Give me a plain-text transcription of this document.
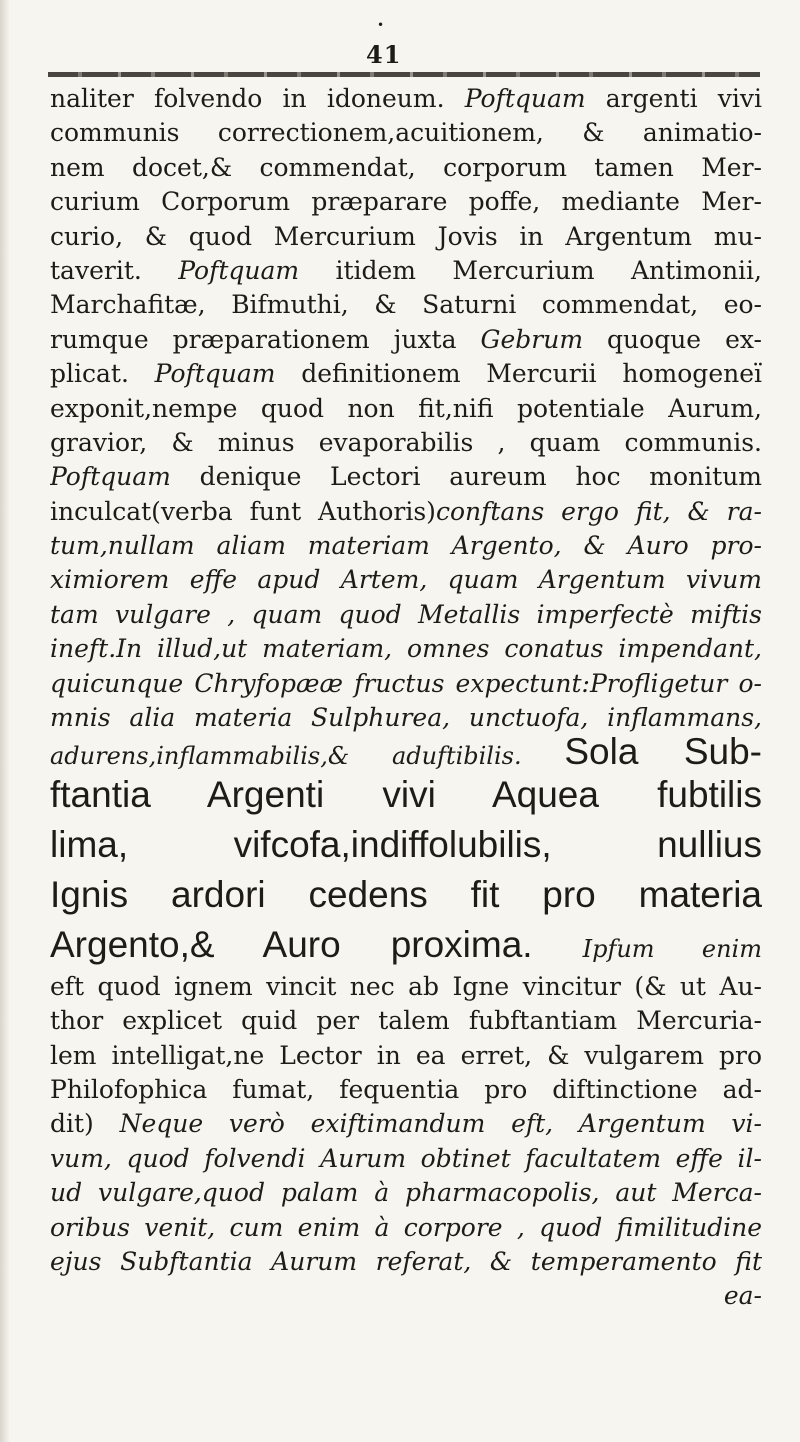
•
41
naliter folvendo in idoneum. Poftquam argenti vivi
communis correctionem,acuitionem, & animatio-
nem docet,& commendat, corporum tamen Mer-
curium Corporum præparare poffe, mediante Mer-
curio, & quod Mercurium Jovis in Argentum mu-
taverit. Poftquam itidem Mercurium Antimonii,
Marchafitæ, Bifmuthi, & Saturni commendat, eo-
rumque præparationem juxta Gebrum quoque ex-
plicat. Poftquam definitionem Mercurii homogeneï
exponit,nempe quod non fit,nifi potentiale Aurum,
gravior, & minus evaporabilis , quam communis.
Poftquam denique Lectori aureum hoc monitum
inculcat(verba funt Authoris)conftans ergo fit, & ra-
tum,nullam aliam materiam Argento, & Auro pro-
ximiorem effe apud Artem, quam Argentum vivum
tam vulgare , quam quod Metallis imperfectè miftis
ineft.In illud,ut materiam, omnes conatus impendant,
quicunque Chryfopææ fructus expectunt:Profligetur o-
mnis alia materia Sulphurea, unctuofa, inflammans,
adurens,inflammabilis,& aduftibilis. Sola Sub-
ftantia Argenti vivi Aquea fubtilis
lima, vifcofa,indiffolubilis, nullius
Ignis ardori cedens fit pro materia
Argento,& Auro proxima. Ipfum enim
eft quod ignem vincit nec ab Igne vincitur (& ut Au-
thor explicet quid per talem fubftantiam Mercuria-
lem intelligat,ne Lector in ea erret, & vulgarem pro
Philofophica fumat, fequentia pro diftinctione ad-
dit) Neque verò exiftimandum eft, Argentum vi-
vum, quod folvendi Aurum obtinet facultatem effe il-
ud vulgare,quod palam à pharmacopolis, aut Merca-
oribus venit, cum enim à corpore , quod fimilitudine
ejus Subftantia Aurum referat, & temperamento fit
ea-
